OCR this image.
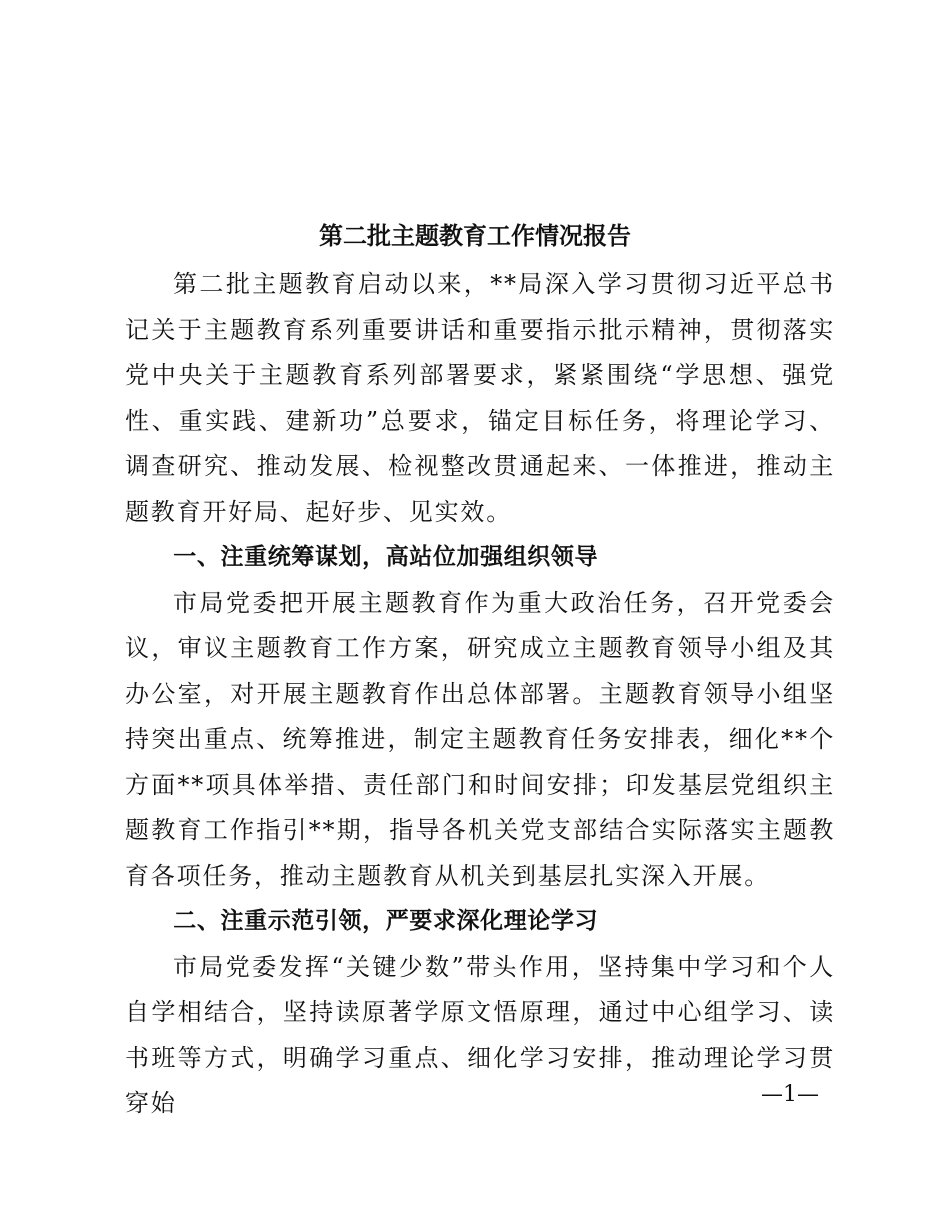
第二批主题教育工作情况报告

第二批主题教育启动以来，**局深入学习贯彻习近平总书记关于主题教育系列重要讲话和重要指示批示精神，贯彻落实党中央关于主题教育系列部署要求，紧紧围绕“学思想、强党性、重实践、建新功”总要求，锚定目标任务，将理论学习、调查研究、推动发展、检视整改贯通起来、一体推进，推动主题教育开好局、起好步、见实效。

一、注重统筹谋划，高站位加强组织领导

市局党委把开展主题教育作为重大政治任务，召开党委会议，审议主题教育工作方案，研究成立主题教育领导小组及其办公室，对开展主题教育作出总体部署。主题教育领导小组坚持突出重点、统筹推进，制定主题教育任务安排表，细化**个方面**项具体举措、责任部门和时间安排；印发基层党组织主题教育工作指引**期，指导各机关党支部结合实际落实主题教育各项任务，推动主题教育从机关到基层扎实深入开展。

二、注重示范引领，严要求深化理论学习

市局党委发挥“关键少数”带头作用，坚持集中学习和个人自学相结合，坚持读原著学原文悟原理，通过中心组学习、读书班等方式，明确学习重点、细化学习安排，推动理论学习贯穿始	—1—
